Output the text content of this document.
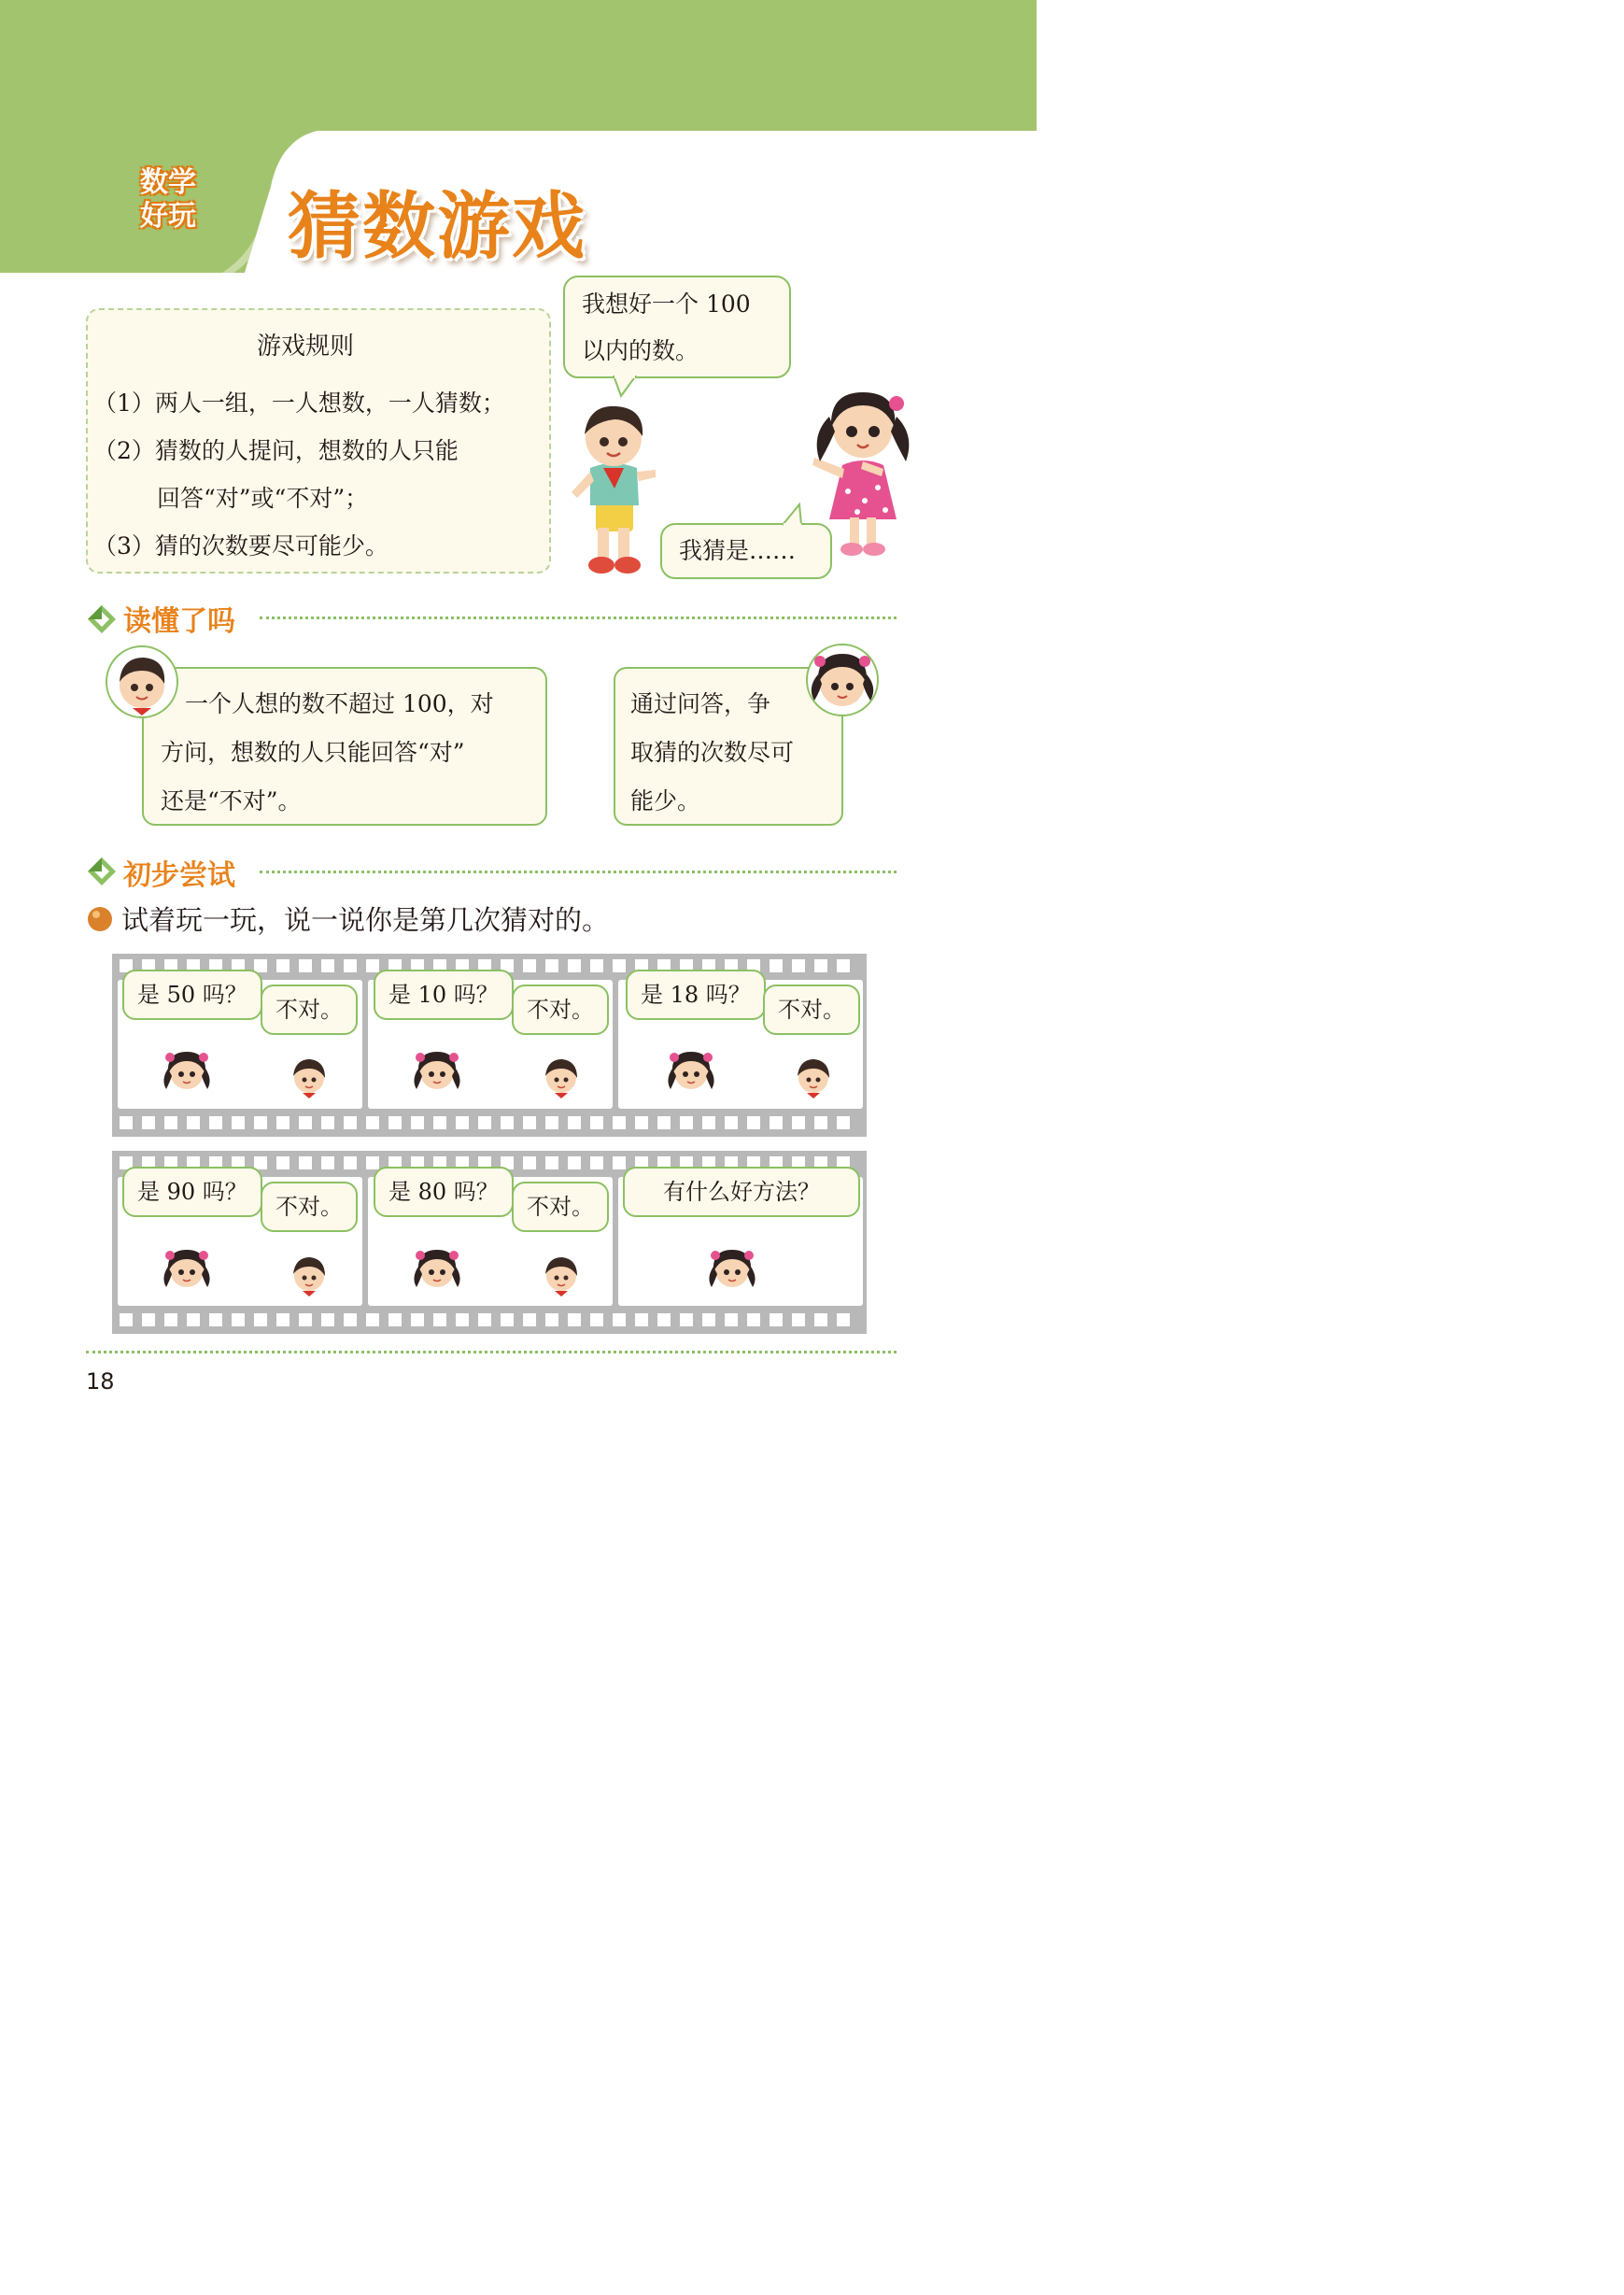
数学
好玩 猜数游戏
游戏规则
（1）两人一组，一人想数，一人猜数；
（2）猜数的人提问，想数的人只能
回答“对”或“不对”；
（3）猜的次数要尽可能少。
我想好一个 100
以内的数。
我猜是……
读懂了吗
一个人想的数不超过 100，对
方问，想数的人只能回答“对”
还是“不对”。
通过问答，争
取猜的次数尽可
能少。
初步尝试
试着玩一玩，说一说你是第几次猜对的。
是 50 吗？
不对。
是 10 吗？
不对。
是 18 吗？
不对。
是 90 吗？
不对。
是 80 吗？
不对。
有什么好方法？
18
